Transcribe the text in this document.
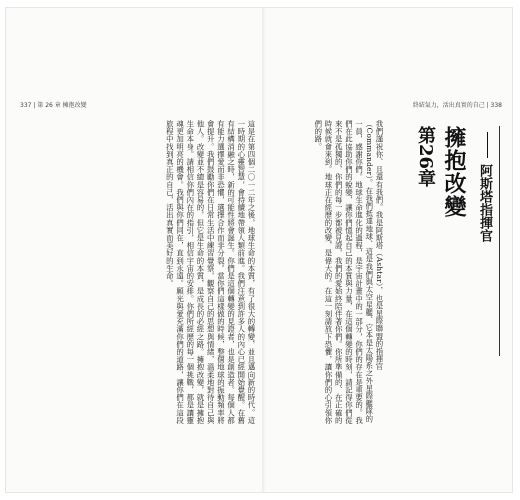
337 | 第 26 章 擁抱改變	終結氣力，活出真實的自己 | 338
這是在第四個二〇一二年之後，地球生命的本質，有了很大的轉變，並且邁向新的時代。這一時期的心靈智慧，會持續地帶領人類前進。我們注意到許多人的內心已經開始覺醒。在舊有結構消融之時，新的可能性將會誕生。你們是這個轉變的見證者，也是創造者。每個人都有能力選擇愛而非恐懼，選擇合作而非分裂。當你們這樣做的時候，整個地球的振動頻率將會提升。我們鼓勵你們在日常生活中練習覺察，觀察自己的思想與情緒，溫柔地對待自己與他人。改變並不總是容易的，但它是生命的本質，是成長的必經之路。擁抱改變，就是擁抱生命本身。請相信你們內在的指引，相信宇宙的安排。你們所經歷的每一個挑戰，都是讓靈魂更加明亮的機會。我們與你們同在，直到永遠。願光與愛充滿你們的道路，讓你們在這段旅程中找到真正的自己，活出真實而美好的生命。	我們謹祝你、且還有我們。我是阿斯塔（Ashtar），也是星際聯盟的指揮官（Commander）。在我們抵達地球、這是我們與太空星艦、它本是太陽系之外星際艦隊的一員，感謝你們。地球生命進化的過程，是宇宙計畫中的一部分，你們的存在是重要的。我們在此協助你們的蛻變，讓你們憶起自己的本質與力量，在這個轉變的時刻，請記得你們從來不是孤獨的，你們的每一步都被見證，我們的愛始終陪伴著你們。你所準備的、在正確的時候就會來到。地球正在經歷的改變，是偉大的。在這一刻請放下恐懼，讓你們的心引領你們的路。	第26章 擁抱改變 阿斯塔指揮官
